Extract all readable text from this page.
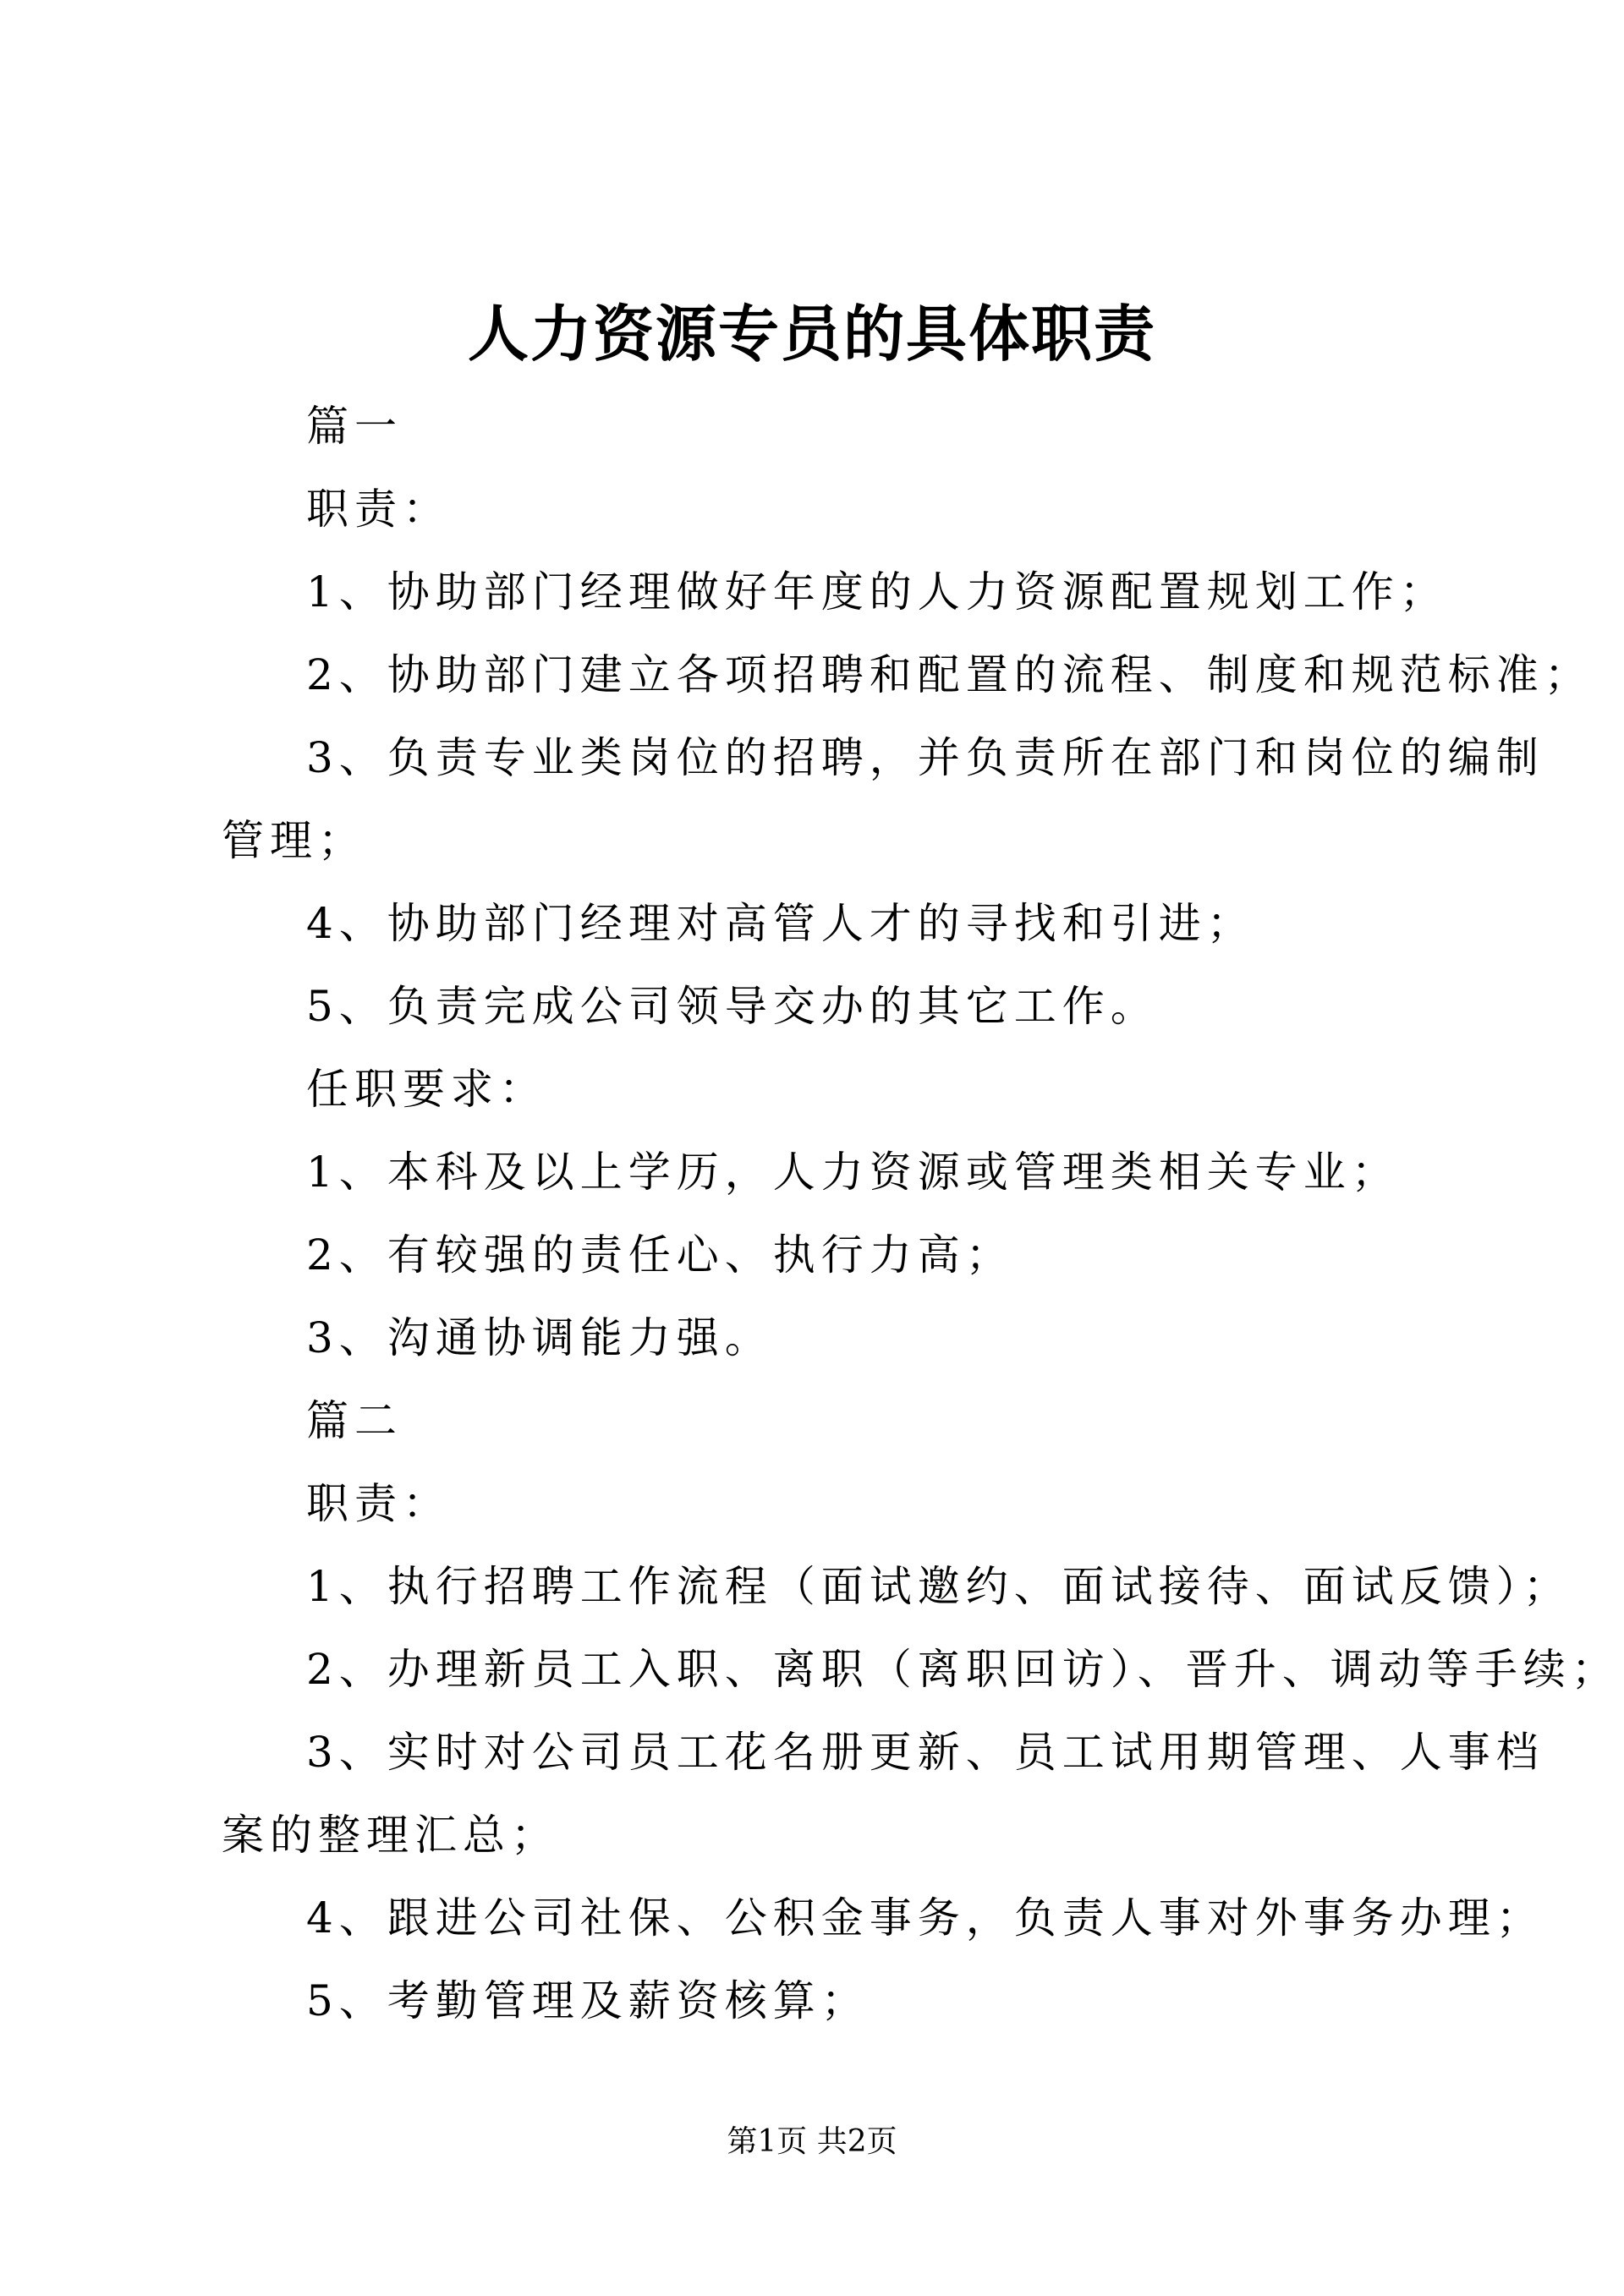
人力资源专员的具体职责
篇一
职责：
1、协助部门经理做好年度的人力资源配置规划工作；
2、协助部门建立各项招聘和配置的流程、制度和规范标准；
3、负责专业类岗位的招聘，并负责所在部门和岗位的编制
管理；
4、协助部门经理对高管人才的寻找和引进；
5、负责完成公司领导交办的其它工作。
任职要求：
1、本科及以上学历，人力资源或管理类相关专业；
2、有较强的责任心、执行力高；
3、沟通协调能力强。
篇二
职责：
1、执行招聘工作流程（面试邀约、面试接待、面试反馈）；
2、办理新员工入职、离职（离职回访）、晋升、调动等手续；
3、实时对公司员工花名册更新、员工试用期管理、人事档
案的整理汇总；
4、跟进公司社保、公积金事务，负责人事对外事务办理；
5、考勤管理及薪资核算；
第1页 共2页
